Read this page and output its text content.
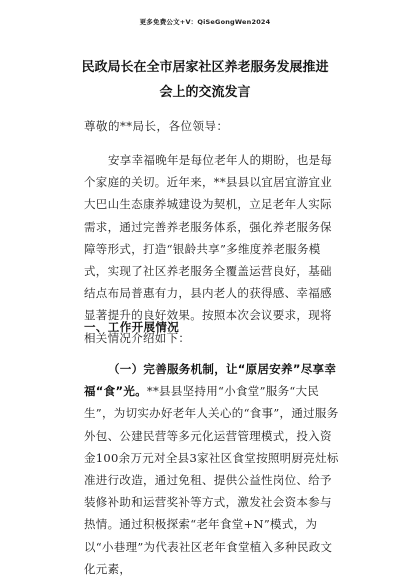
更多免费公文+V：QiSeGongWen2024
民政局长在全市居家社区养老服务发展推进会上的交流发言
尊敬的**局长，各位领导：
安享幸福晚年是每位老年人的期盼，也是每个家庭的关切。近年来，**县县以宜居宜游宜业大巴山生态康养城建设为契机，立足老年人实际需求，通过完善养老服务体系，强化养老服务保障等形式，打造“银龄共享”多维度养老服务模式，实现了社区养老服务全覆盖运营良好，基础结点布局普惠有力，县内老人的获得感、幸福感显著提升的良好效果。按照本次会议要求，现将相关情况介绍如下：
一、工作开展情况
（一）完善服务机制，让“原居安养”尽享幸福“食”光。**县县坚持用“小食堂”服务“大民生”，为切实办好老年人关心的“食事”，通过服务外包、公建民营等多元化运营管理模式，投入资金100余万元对全县3家社区食堂按照明厨亮灶标准进行改造，通过免租、提供公益性岗位、给予装修补助和运营奖补等方式，激发社会资本参与热情。通过积极探索“老年食堂+N”模式，为以“小巷理”为代表社区老年食堂植入多种民政文化元素，
